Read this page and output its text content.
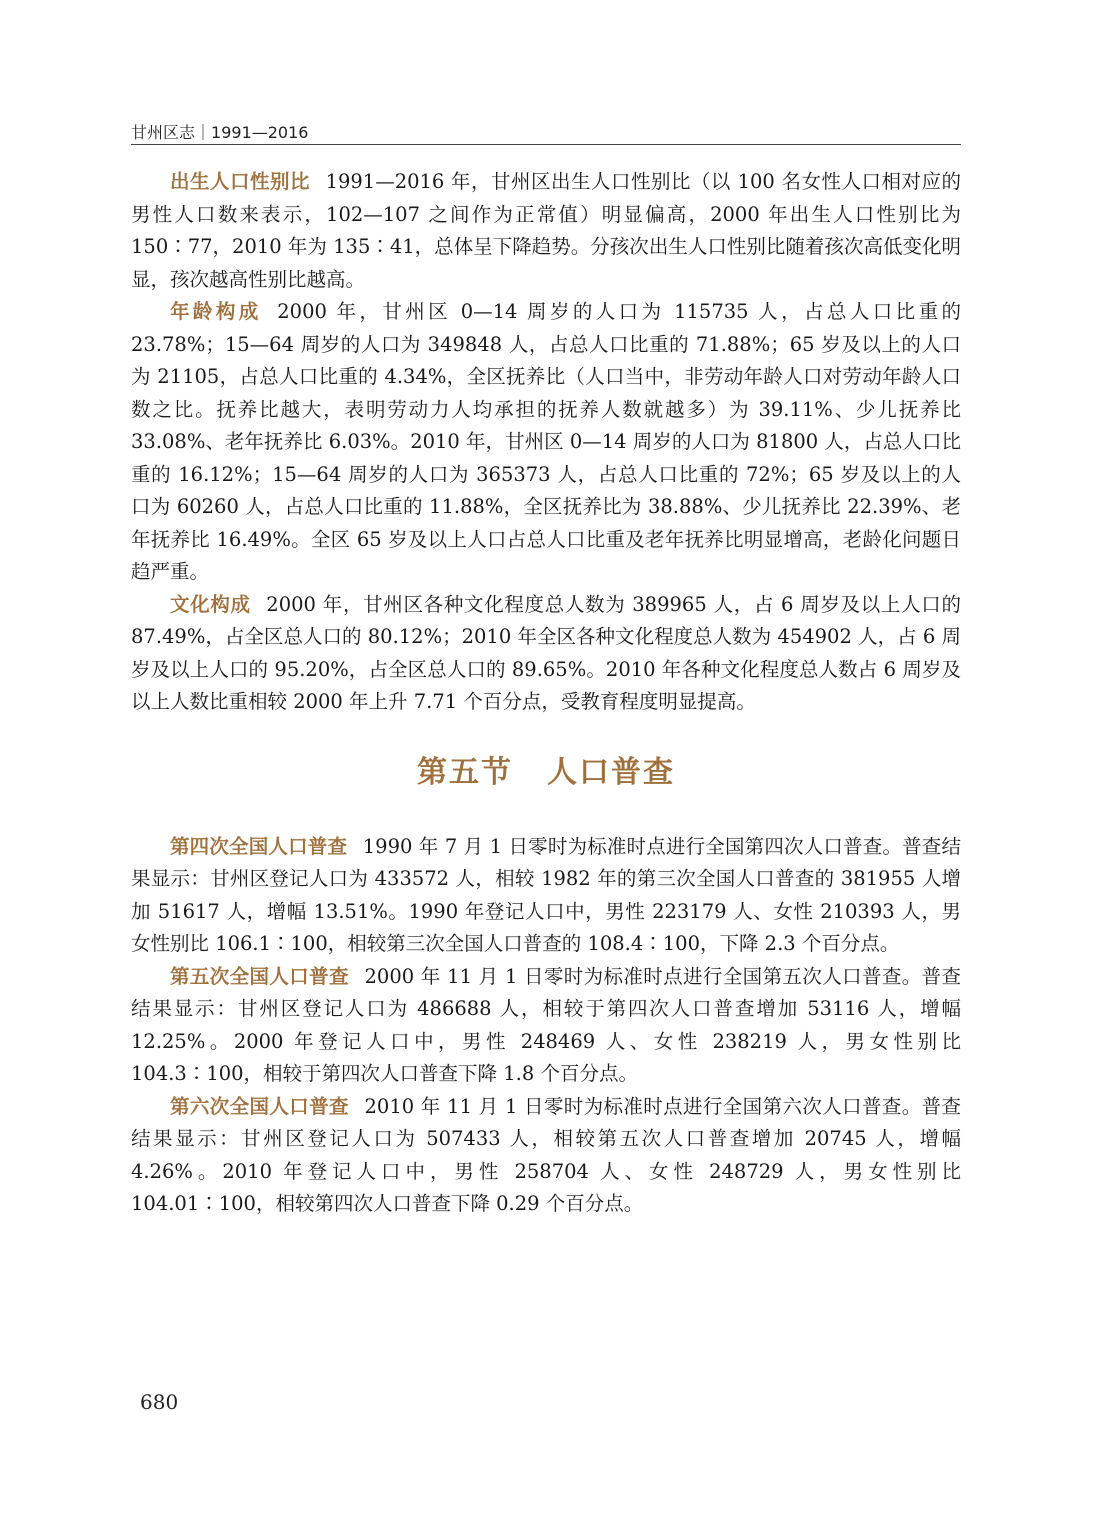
甘州区志｜1991—2016

出生人口性别比 1991—2016 年，甘州区出生人口性别比（以 100 名女性人口相对应的男性人口数来表示，102—107 之间作为正常值）明显偏高，2000 年出生人口性别比为 150∶77，2010 年为 135∶41，总体呈下降趋势。分孩次出生人口性别比随着孩次高低变化明显，孩次越高性别比越高。

年龄构成 2000 年，甘州区 0—14 周岁的人口为 115735 人，占总人口比重的 23.78%；15—64 周岁的人口为 349848 人，占总人口比重的 71.88%；65 岁及以上的人口为 21105，占总人口比重的 4.34%，全区抚养比（人口当中，非劳动年龄人口对劳动年龄人口数之比。抚养比越大，表明劳动力人均承担的抚养人数就越多）为 39.11%、少儿抚养比 33.08%、老年抚养比 6.03%。2010 年，甘州区 0—14 周岁的人口为 81800 人，占总人口比重的 16.12%；15—64 周岁的人口为 365373 人，占总人口比重的 72%；65 岁及以上的人口为 60260 人，占总人口比重的 11.88%，全区抚养比为 38.88%、少儿抚养比 22.39%、老年抚养比 16.49%。全区 65 岁及以上人口占总人口比重及老年抚养比明显增高，老龄化问题日趋严重。

文化构成 2000 年，甘州区各种文化程度总人数为 389965 人，占 6 周岁及以上人口的 87.49%，占全区总人口的 80.12%；2010 年全区各种文化程度总人数为 454902 人，占 6 周岁及以上人口的 95.20%，占全区总人口的 89.65%。2010 年各种文化程度总人数占 6 周岁及以上人数比重相较 2000 年上升 7.71 个百分点，受教育程度明显提高。

第五节 人口普查

第四次全国人口普查 1990 年 7 月 1 日零时为标准时点进行全国第四次人口普查。普查结果显示：甘州区登记人口为 433572 人，相较 1982 年的第三次全国人口普查的 381955 人增加 51617 人，增幅 13.51%。1990 年登记人口中，男性 223179 人、女性 210393 人，男女性别比 106.1∶100，相较第三次全国人口普查的 108.4∶100，下降 2.3 个百分点。

第五次全国人口普查 2000 年 11 月 1 日零时为标准时点进行全国第五次人口普查。普查结果显示：甘州区登记人口为 486688 人，相较于第四次人口普查增加 53116 人，增幅 12.25%。2000 年登记人口中，男性 248469 人、女性 238219 人，男女性别比 104.3∶100，相较于第四次人口普查下降 1.8 个百分点。

第六次全国人口普查 2010 年 11 月 1 日零时为标准时点进行全国第六次人口普查。普查结果显示：甘州区登记人口为 507433 人，相较第五次人口普查增加 20745 人，增幅 4.26%。2010 年登记人口中，男性 258704 人、女性 248729 人，男女性别比 104.01∶100，相较第四次人口普查下降 0.29 个百分点。

680
